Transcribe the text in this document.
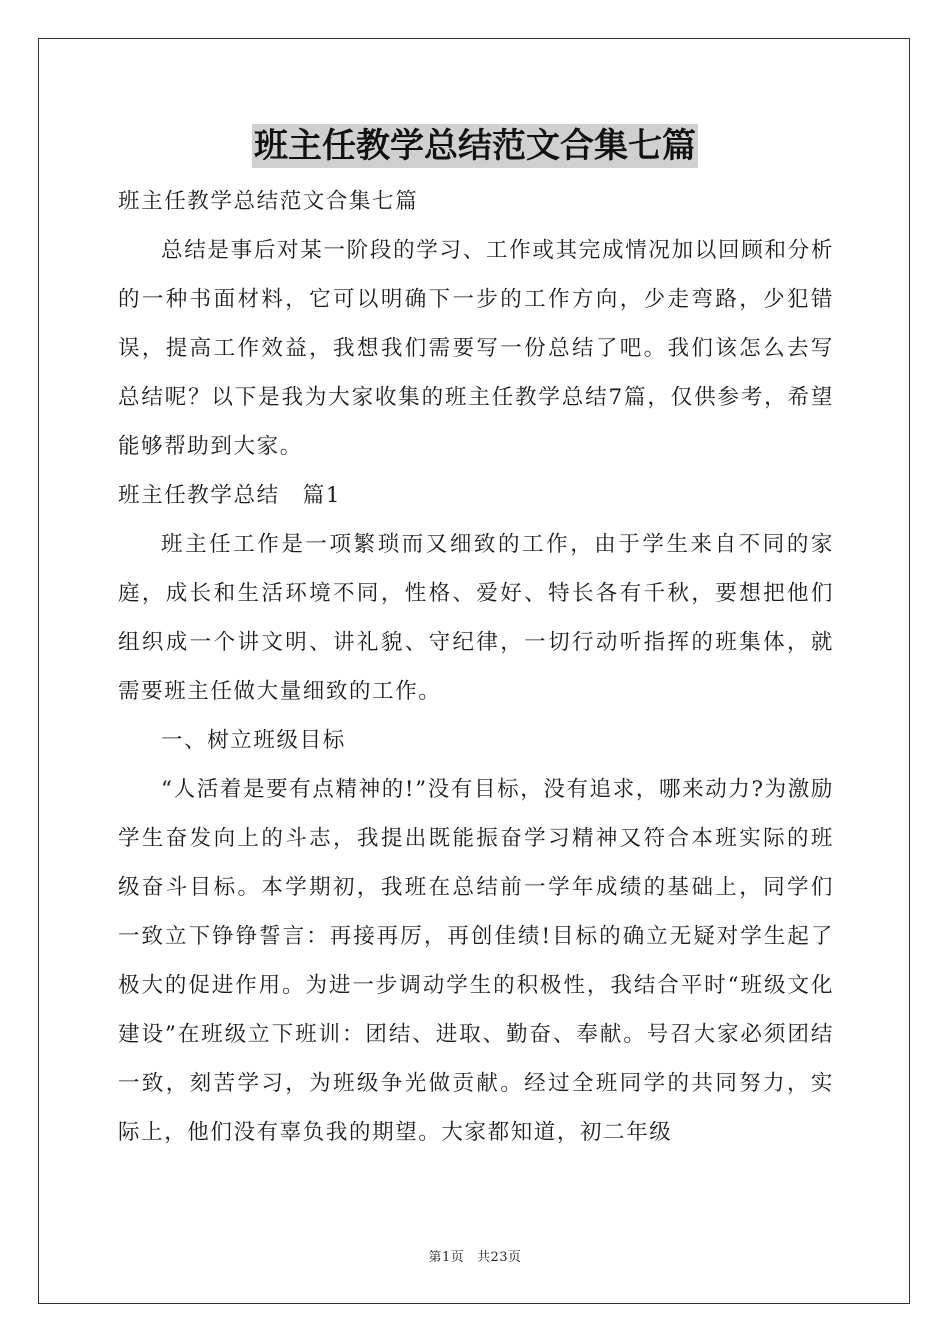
班主任教学总结范文合集七篇

班主任教学总结范文合集七篇

总结是事后对某一阶段的学习、工作或其完成情况加以回顾和分析的一种书面材料，它可以明确下一步的工作方向，少走弯路，少犯错误，提高工作效益，我想我们需要写一份总结了吧。我们该怎么去写总结呢？以下是我为大家收集的班主任教学总结7篇，仅供参考，希望能够帮助到大家。

班主任教学总结　篇1

班主任工作是一项繁琐而又细致的工作，由于学生来自不同的家庭，成长和生活环境不同，性格、爱好、特长各有千秋，要想把他们组织成一个讲文明、讲礼貌、守纪律，一切行动听指挥的班集体，就需要班主任做大量细致的工作。

一、树立班级目标

“人活着是要有点精神的!”没有目标，没有追求，哪来动力?为激励学生奋发向上的斗志，我提出既能振奋学习精神又符合本班实际的班级奋斗目标。本学期初，我班在总结前一学年成绩的基础上，同学们一致立下铮铮誓言：再接再厉，再创佳绩!目标的确立无疑对学生起了极大的促进作用。为进一步调动学生的积极性，我结合平时“班级文化建设”在班级立下班训：团结、进取、勤奋、奉献。号召大家必须团结一致，刻苦学习，为班级争光做贡献。经过全班同学的共同努力，实际上，他们没有辜负我的期望。大家都知道，初二年级

第1页 共23页
